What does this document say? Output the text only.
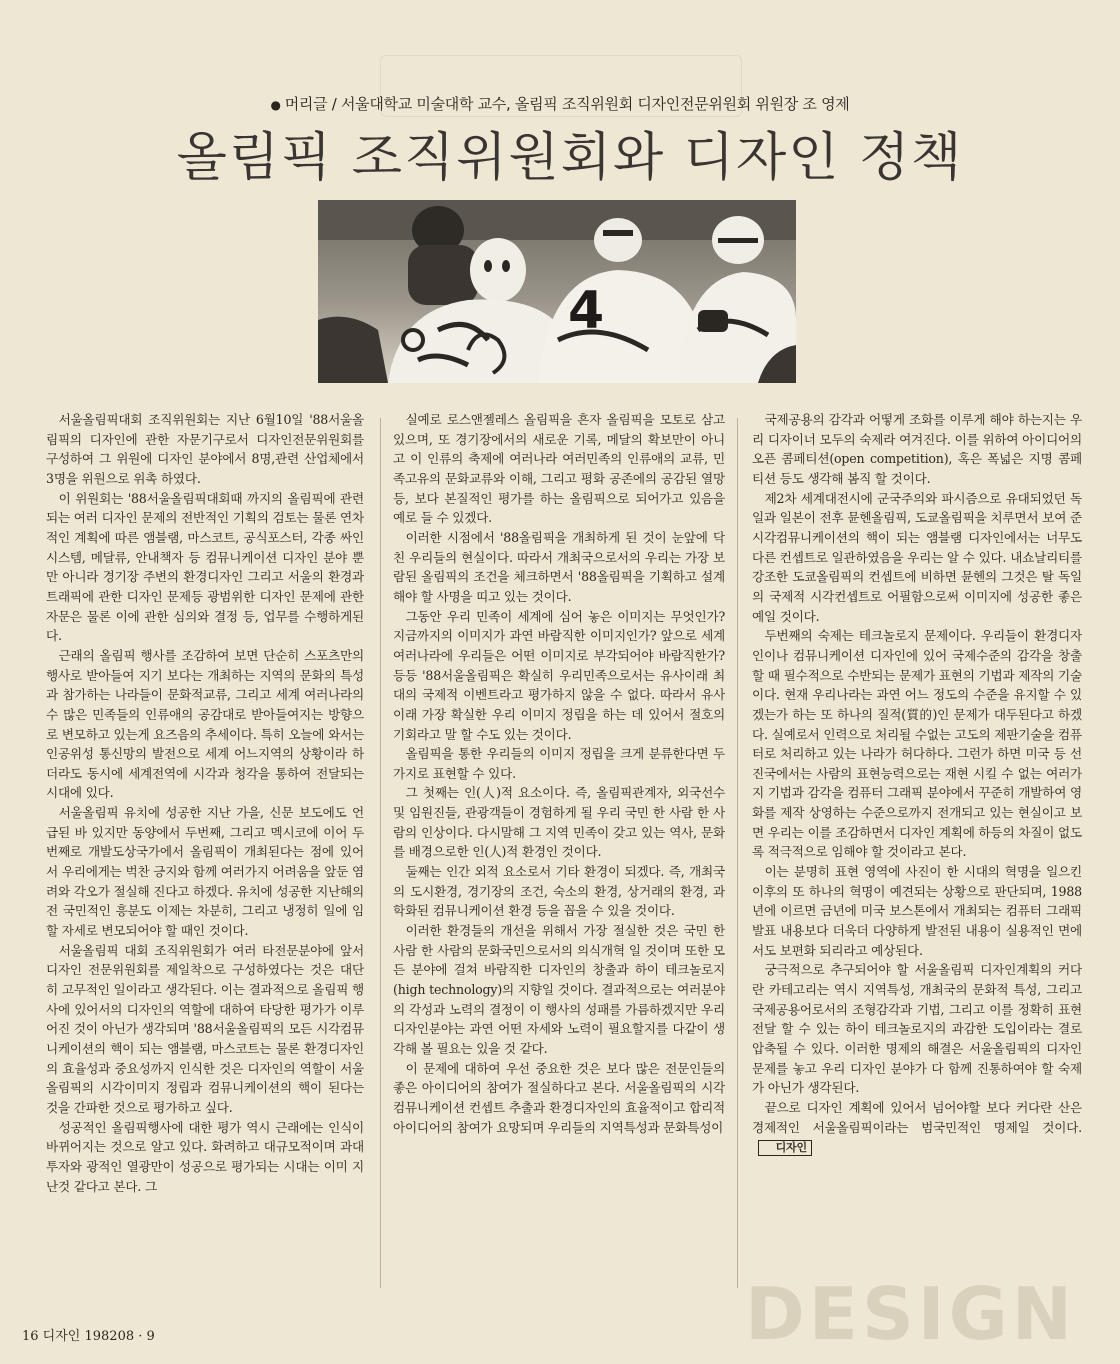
● 머리글 / 서울대학교 미술대학 교수, 올림픽 조직위원회 디자인전문위원회 위원장 조 영제
올림픽 조직위원회와 디자인 정책
4

서울올림픽대회 조직위원회는 지난 6월10일 '88서울올림픽의 디자인에 관한 자문기구로서 디자인전문위원회를 구성하여 그 위원에 디자인 분야에서 8명,관련 산업체에서 3명을 위원으로 위촉 하였다.

이 위원회는 '88서울올림픽대회때 까지의 올림픽에 관련되는 여러 디자인 문제의 전반적인 기획의 검토는 물론 연차적인 계획에 따른 앰블램, 마스코트, 공식포스터, 각종 싸인시스템, 메달류, 안내책자 등 컴뮤니케이션 디자인 분야 뿐 만 아니라 경기장 주변의 환경디자인 그리고 서울의 환경과 트래픽에 관한 디자인 문제등 광범위한 디자인 문제에 관한 자문은 물론 이에 관한 심의와 결정 등, 업무를 수행하게된다.

근래의 올림픽 행사를 조감하여 보면 단순히 스포츠만의 행사로 받아들여 지기 보다는 개최하는 지역의 문화의 특성과 참가하는 나라들이 문화적교류, 그리고 세계 여러나라의 수 많은 민족들의 인류애의 공감대로 받아들여지는 방향으로 변모하고 있는게 요즈음의 추세이다. 특히 오늘에 와서는 인공위성 통신망의 발전으로 세계 어느지역의 상황이라 하더라도 동시에 세계전역에 시각과 청각을 통하여 전달되는 시대에 있다.

서울올림픽 유치에 성공한 지난 가을, 신문 보도에도 언급된 바 있지만 동양에서 두번째, 그리고 멕시코에 이어 두번째로 개발도상국가에서 올림픽이 개최된다는 점에 있어서 우리에게는 벅찬 긍지와 함께 여러가지 어려움을 앞둔 염려와 각오가 절실해 진다고 하겠다. 유치에 성공한 지난해의 전 국민적인 흥분도 이제는 차분히, 그리고 냉정히 일에 임할 자세로 변모되어야 할 때인 것이다.

서울올림픽 대회 조직위원회가 여러 타전문분야에 앞서 디자인 전문위원회를 제일착으로 구성하였다는 것은 대단히 고무적인 일이라고 생각된다. 이는 결과적으로 올림픽 행사에 있어서의 디자인의 역할에 대하여 타당한 평가가 이루어진 것이 아닌가 생각되며 '88서울올림픽의 모든 시각컴뮤니케이션의 핵이 되는 앰블램, 마스코트는 물론 환경디자인의 효율성과 중요성까지 인식한 것은 디자인의 역할이 서울올림픽의 시각이미지 정립과 컴뮤니케이션의 핵이 된다는것을 간파한 것으로 평가하고 싶다.

성공적인 올림픽행사에 대한 평가 역시 근래에는 인식이 바뀌어지는 것으로 알고 있다. 화려하고 대규모적이며 과대투자와 광적인 열광만이 성공으로 평가되는 시대는 이미 지난것 같다고 본다. 그

실예로 로스앤젤레스 올림픽을 흔자 올림픽을 모토로 삼고 있으며, 또 경기장에서의 새로운 기록, 메달의 확보만이 아니고 이 인류의 축제에 여러나라 여러민족의 인류애의 교류, 민족고유의 문화교류와 이해, 그리고 평화 공존에의 공감된 열망 등, 보다 본질적인 평가를 하는 올림픽으로 되어가고 있음을 예로 들 수 있겠다.

이러한 시점에서 '88올림픽을 개최하게 된 것이 눈앞에 닥친 우리들의 현실이다. 따라서 개최국으로서의 우리는 가장 보람된 올림픽의 조건을 체크하면서 '88올림픽을 기획하고 설계해야 할 사명을 띠고 있는 것이다.

그동안 우리 민족이 세계에 심어 놓은 이미지는 무엇인가? 지금까지의 이미지가 과연 바람직한 이미지인가? 앞으로 세계 여러나라에 우리들은 어떤 이미지로 부각되어야 바람직한가? 등등 '88서울올림픽은 확실히 우리민족으로서는 유사이래 최대의 국제적 이벤트라고 평가하지 않을 수 없다. 따라서 유사이래 가장 확실한 우리 이미지 정립을 하는 데 있어서 절호의 기회라고 말 할 수도 있는 것이다.

올림픽을 통한 우리들의 이미지 정립을 크게 분류한다면 두 가지로 표현할 수 있다.

그 첫째는 인(人)적 요소이다. 즉, 올림픽관계자, 외국선수 및 임원진들, 관광객들이 경험하게 될 우리 국민 한 사람 한 사람의 인상이다. 다시말해 그 지역 민족이 갖고 있는 역사, 문화를 배경으로한 인(人)적 환경인 것이다.

둘째는 인간 외적 요소로서 기타 환경이 되겠다. 즉, 개최국의 도시환경, 경기장의 조건, 숙소의 환경, 상거래의 환경, 과학화된 컴뮤니케이션 환경 등을 꼽을 수 있을 것이다.

이러한 환경들의 개선을 위해서 가장 절실한 것은 국민 한 사람 한 사람의 문화국민으로서의 의식개혁 일 것이며 또한 모든 분야에 걸쳐 바람직한 디자인의 창출과 하이 테크놀로지(high technology)의 지향일 것이다. 결과적으로는 여러분야의 각성과 노력의 결정이 이 행사의 성패를 가름하겠지만 우리 디자인분야는 과연 어떤 자세와 노력이 필요할지를 다같이 생각해 볼 필요는 있을 것 같다.

이 문제에 대하여 우선 중요한 것은 보다 많은 전문인들의 좋은 아이디어의 참여가 절실하다고 본다. 서울올림픽의 시각 컴뮤니케이션 컨셉트 추출과 환경디자인의 효율적이고 합리적 아이디어의 참여가 요망되며 우리들의 지역특성과 문화특성이

DESIGN

국제공용의 감각과 어떻게 조화를 이루게 해야 하는지는 우리 디자이너 모두의 숙제라 여겨진다. 이를 위하여 아이디어의 오픈 콤페티션(open competition), 혹은 폭넓은 지명 콤페티션 등도 생각해 봄직 할 것이다.

제2차 세계대전시에 군국주의와 파시즘으로 유대되었던 독일과 일본이 전후 뮨헨올림픽, 도쿄올림픽을 치루면서 보여 준 시각컴뮤니케이션의 핵이 되는 앰블램 디자인에서는 너무도 다른 컨셉트로 일관하였음을 우리는 알 수 있다. 내쇼날리티를 강조한 도쿄올림픽의 컨셉트에 비하면 뮨헨의 그것은 탈 독일의 국제적 시각컨셉트로 어필함으로써 이미지에 성공한 좋은 예일 것이다.

두번째의 숙제는 테크놀로지 문제이다. 우리들이 환경디자인이나 컴뮤니케이션 디자인에 있어 국제수준의 감각을 창출할 때 필수적으로 수반되는 문제가 표현의 기법과 제작의 기술이다. 현재 우리나라는 과연 어느 정도의 수준을 유지할 수 있겠는가 하는 또 하나의 질적(質的)인 문제가 대두된다고 하겠다. 실예로서 인력으로 처리될 수없는 고도의 제판기술을 컴퓨터로 처리하고 있는 나라가 허다하다. 그런가 하면 미국 등 선진국에서는 사람의 표현능력으로는 재현 시킬 수 없는 여러가지 기법과 감각을 컴퓨터 그래픽 분야에서 꾸준히 개발하여 영화를 제작 상영하는 수준으로까지 전개되고 있는 현실이고 보면 우리는 이를 조감하면서 디자인 계획에 하등의 차질이 없도록 적극적으로 임해야 할 것이라고 본다.

이는 분명히 표현 영역에 사진이 한 시대의 혁명을 일으킨 이후의 또 하나의 혁명이 예견되는 상황으로 판단되며, 1988년에 이르면 금년에 미국 보스톤에서 개최되는 컴퓨터 그래픽 발표 내용보다 더욱더 다양하게 발전된 내용이 실용적인 면에서도 보편화 되리라고 예상된다.

궁극적으로 추구되어야 할 서울올림픽 디자인계획의 커다란 카테고리는 역시 지역특성, 개최국의 문화적 특성, 그리고 국제공용어로서의 조형감각과 기법, 그리고 이를 정확히 표현 전달 할 수 있는 하이 테크놀로지의 과감한 도입이라는 결로 압축될 수 있다. 이러한 명제의 해결은 서울올림픽의 디자인 문제를 놓고 우리 디자인 분야가 다 함께 진통하여야 할 숙제가 아닌가 생각된다.

끝으로 디자인 계획에 있어서 넘어야할 보다 커다란 산은 경제적인 서울올림픽이라는 범국민적인 명제일 것이다.디자인

16 디자인 198208 · 9
